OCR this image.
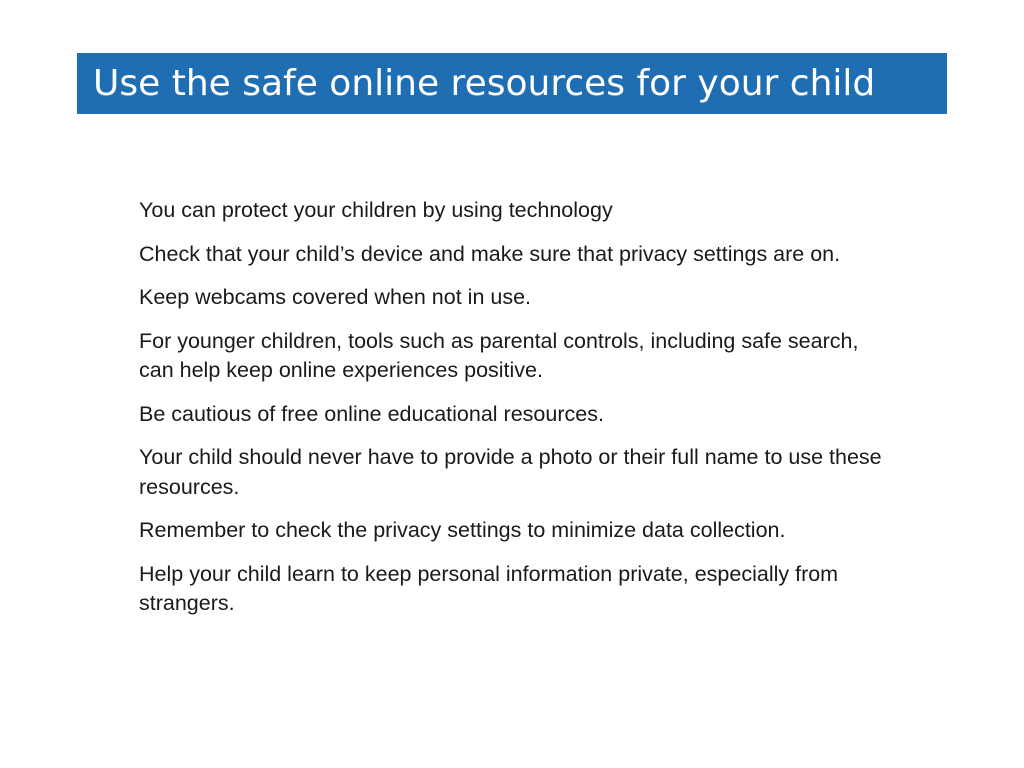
Use the safe online resources for your child
You can protect your children by using technology
Check that your child’s device and make sure that privacy settings are on.
Keep webcams covered when not in use.
For younger children, tools such as parental controls, including safe search, can help keep online experiences positive.
Be cautious of free online educational resources.
Your child should never have to provide a photo or their full name to use these resources.
Remember to check the privacy settings to minimize data collection.
Help your child learn to keep personal information private, especially from strangers.
